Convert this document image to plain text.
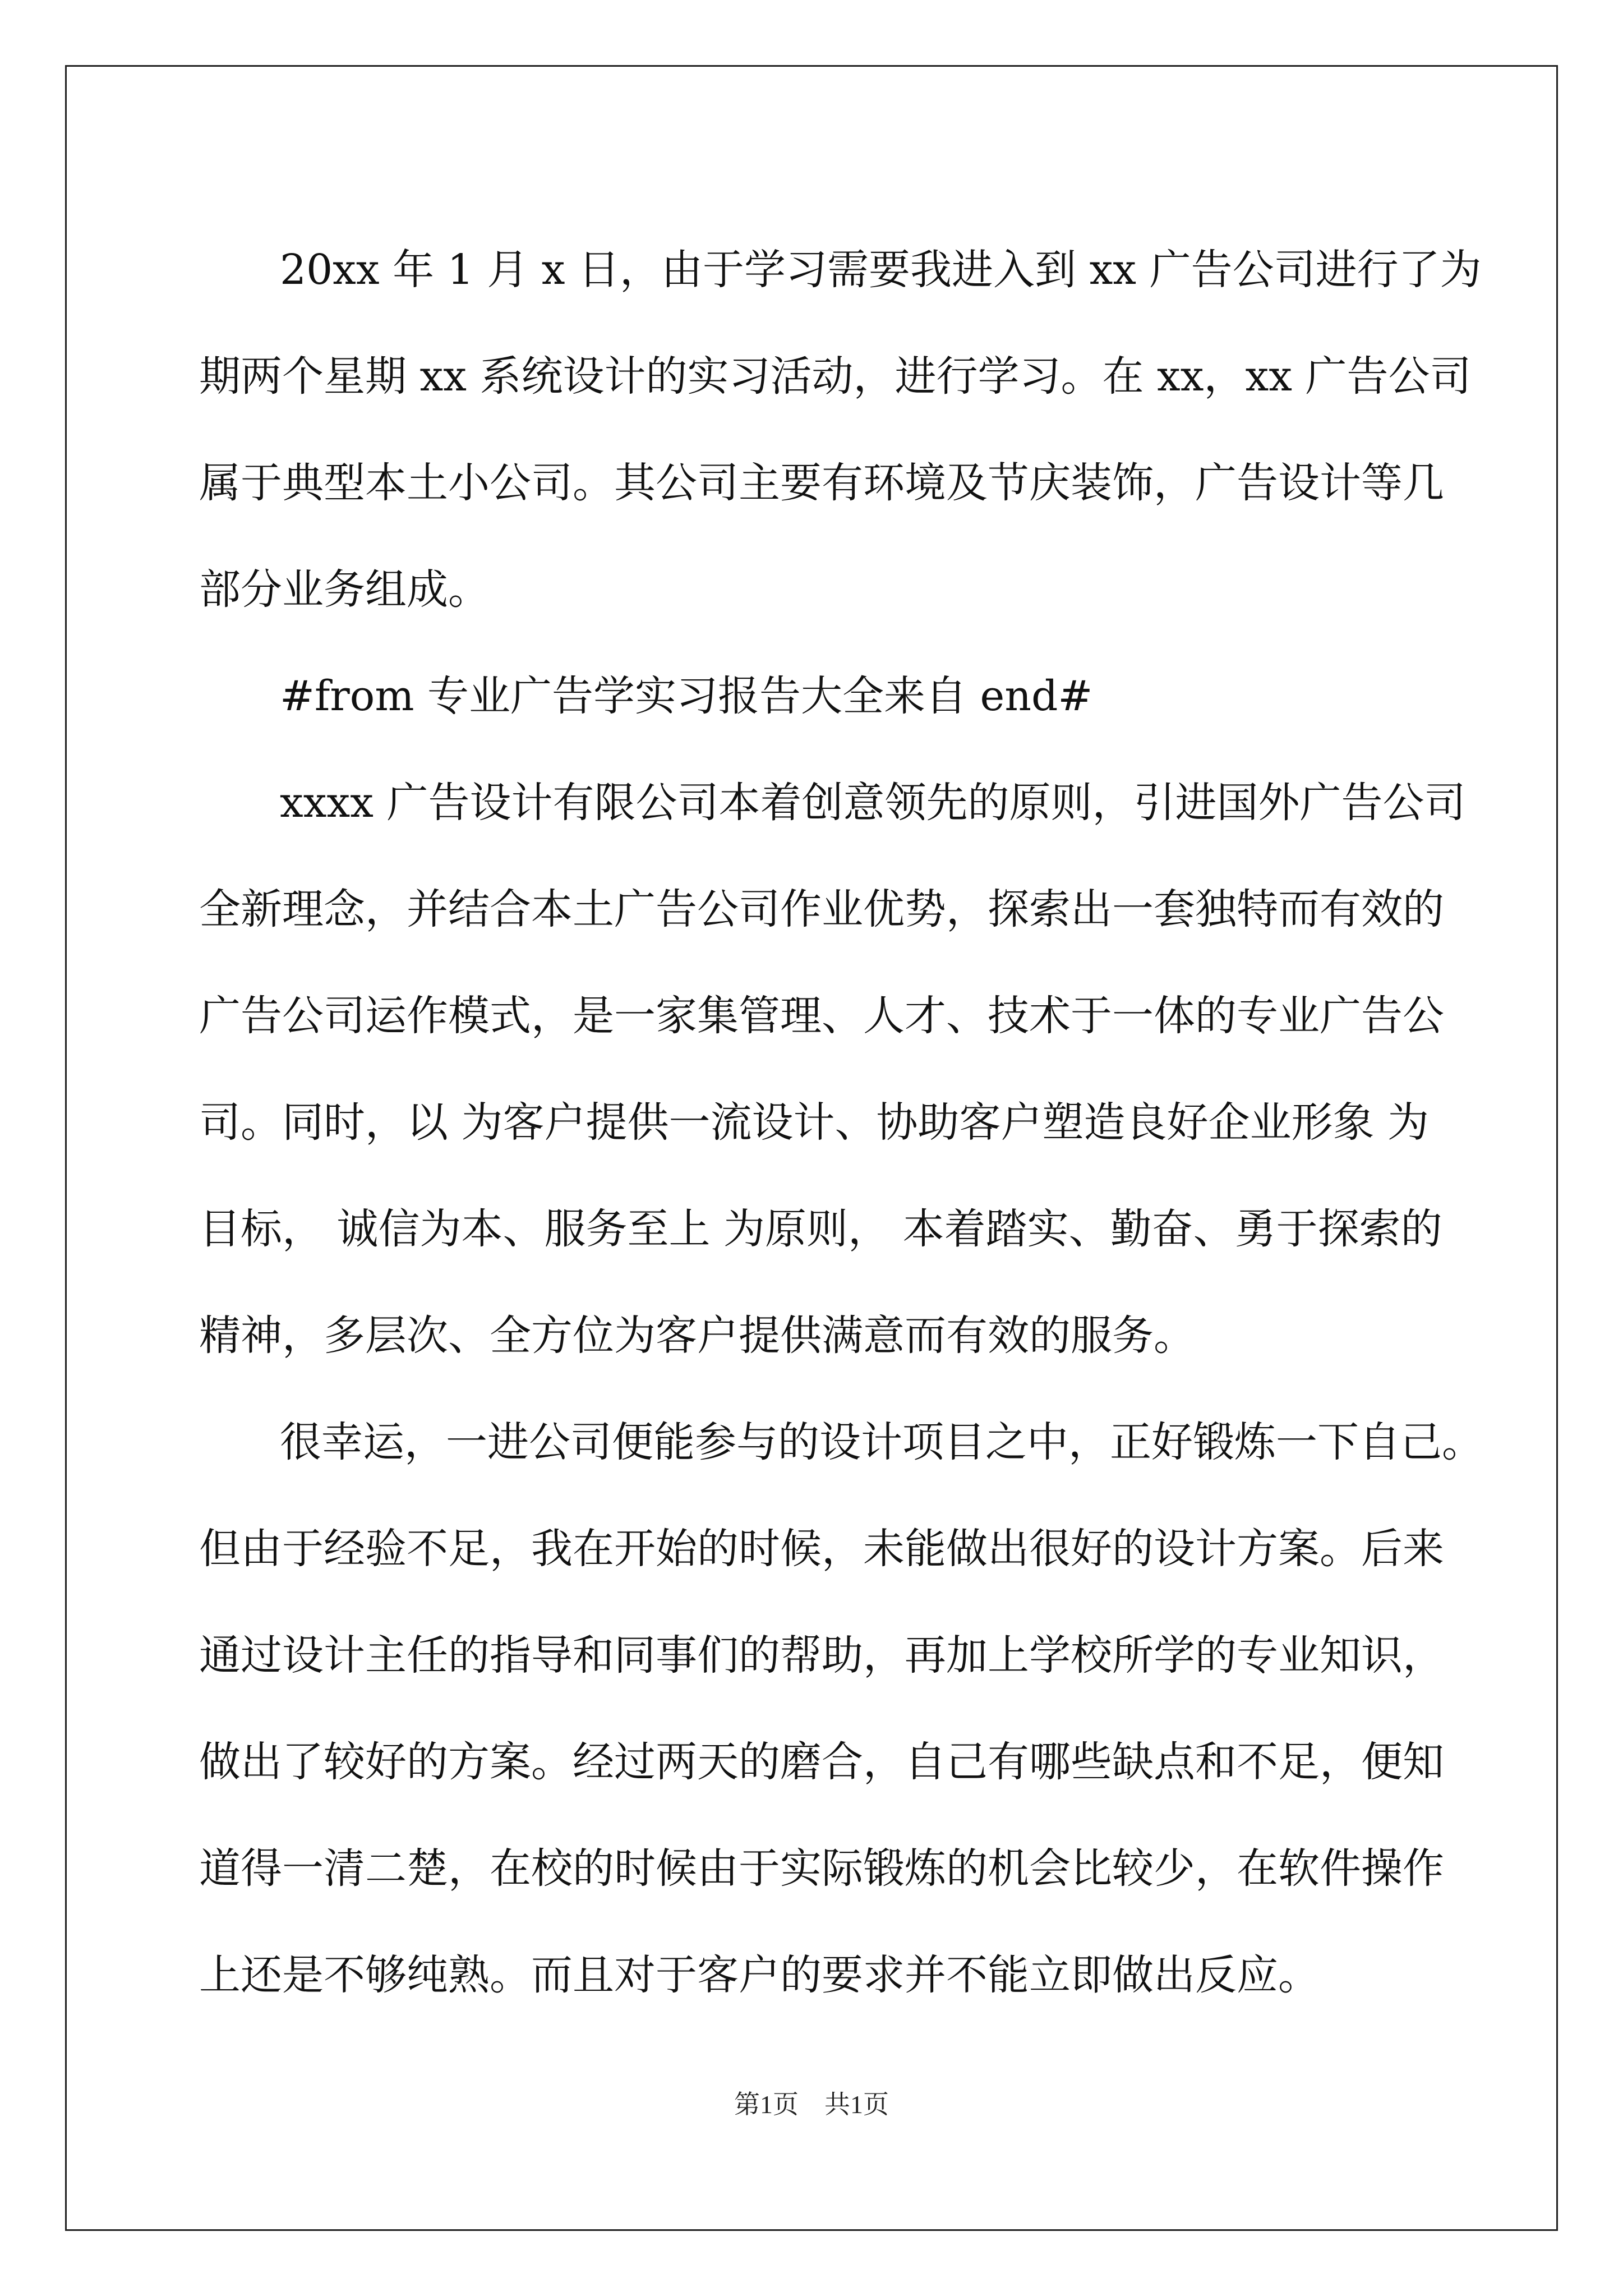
20xx 年 1 月 x 日，由于学习需要我进入到 xx 广告公司进行了为
期两个星期 xx 系统设计的实习活动，进行学习。在 xx，xx 广告公司
属于典型本土小公司。其公司主要有环境及节庆装饰，广告设计等几
部分业务组成。
#from 专业广告学实习报告大全来自 end#
xxxx 广告设计有限公司本着创意领先的原则，引进国外广告公司
全新理念，并结合本土广告公司作业优势，探索出一套独特而有效的
广告公司运作模式，是一家集管理、人才、技术于一体的专业广告公
司。同时，以 为客户提供一流设计、协助客户塑造良好企业形象 为
目标， 诚信为本、服务至上 为原则， 本着踏实、勤奋、勇于探索的
精神，多层次、全方位为客户提供满意而有效的服务。
很幸运，一进公司便能参与的设计项目之中，正好锻炼一下自己。
但由于经验不足，我在开始的时候，未能做出很好的设计方案。后来
通过设计主任的指导和同事们的帮助，再加上学校所学的专业知识，
做出了较好的方案。经过两天的磨合，自己有哪些缺点和不足，便知
道得一清二楚，在校的时候由于实际锻炼的机会比较少，在软件操作
上还是不够纯熟。而且对于客户的要求并不能立即做出反应。
第1页　共1页
